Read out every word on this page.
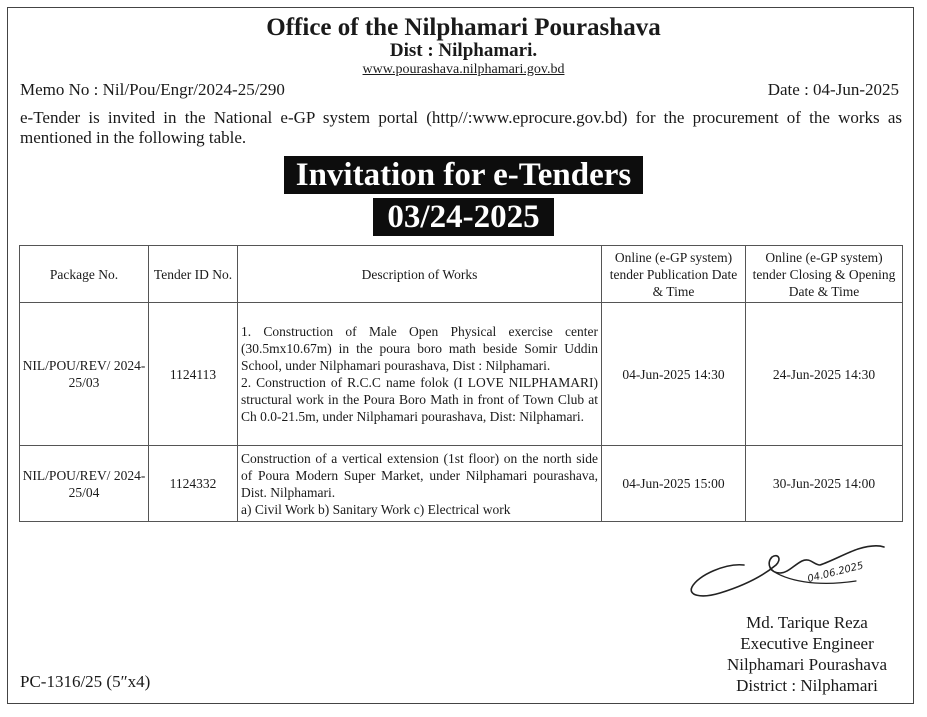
Office of the Nilphamari Pourashava
Dist : Nilphamari.
www.pourashava.nilphamari.gov.bd
Memo No : Nil/Pou/Engr/2024-25/290	Date : 04-Jun-2025
e-Tender is invited in the National e-GP system portal (http//:www.eprocure.gov.bd) for the procurement of the works as mentioned in the following table.
Invitation for e-Tenders
03/24-2025
Package No.	Tender ID No.	Description of Works	Online (e-GP system) tender Publication Date & Time	Online (e-GP system) tender Closing & Opening Date & Time
NIL/POU/REV/ 2024-25/03	1124113	1. Construction of Male Open Physical exercise center (30.5mx10.67m) in the poura boro math beside Somir Uddin School, under Nilphamari pourashava, Dist : Nilphamari.
2. Construction of R.C.C name folok (I LOVE NILPHAMARI) structural work in the Poura Boro Math in front of Town Club at Ch 0.0-21.5m, under Nilphamari pourashava, Dist: Nilphamari.	04-Jun-2025 14:30	24-Jun-2025 14:30
NIL/POU/REV/ 2024-25/04	1124332	Construction of a vertical extension (1st floor) on the north side of Poura Modern Super Market, under Nilphamari pourashava, Dist. Nilphamari.
a) Civil Work b) Sanitary Work c) Electrical work	04-Jun-2025 15:00	30-Jun-2025 14:00
04.06.2025
Md. Tarique Reza
Executive Engineer
Nilphamari Pourashava
District : Nilphamari
PC-1316/25 (5″x4)
